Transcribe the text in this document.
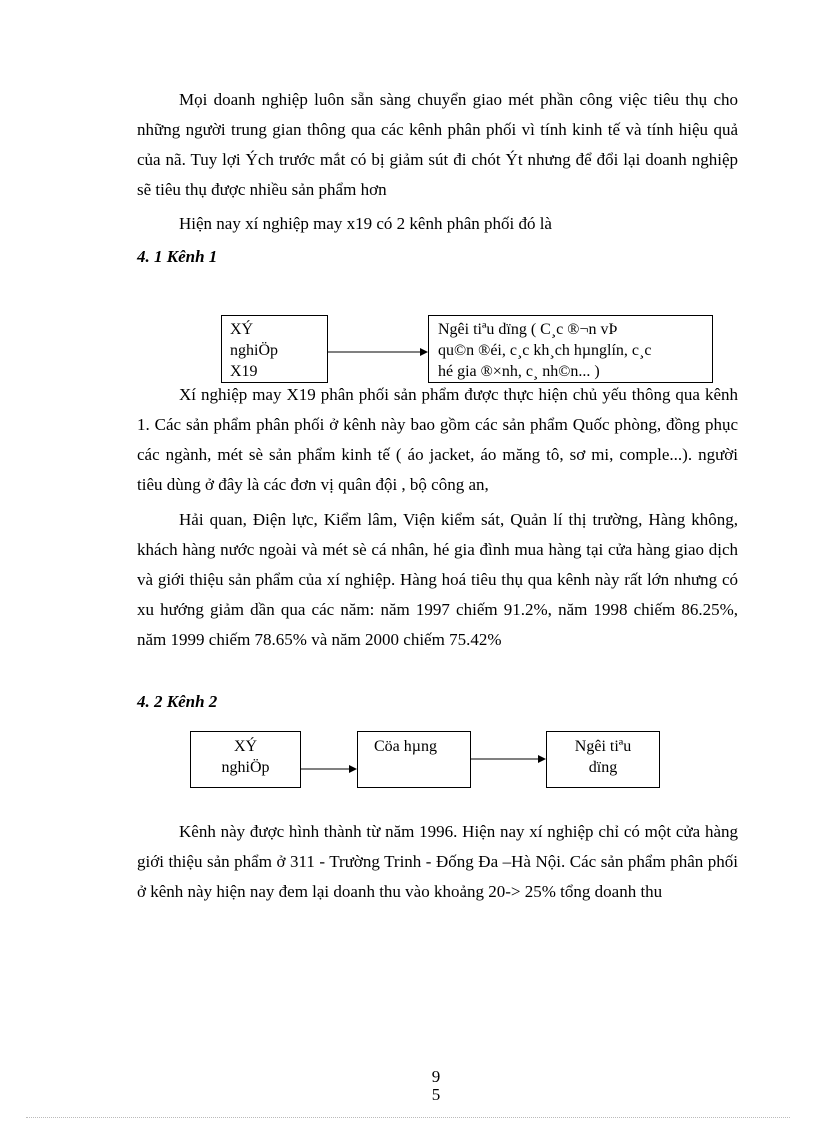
Mọi doanh nghiệp luôn sẵn sàng chuyển giao mét phần công việc tiêu thụ cho những người trung gian thông qua các kênh phân phối vì tính kinh tế và tính hiệu quả của nã. Tuy lợi Ých trước mắt có bị giảm sút đi chót Ýt nhưng để đổi lại doanh nghiệp sẽ tiêu thụ được nhiều sản phẩm hơn

Hiện nay xí nghiệp may x19 có 2 kênh phân phối đó là

4. 1 Kênh 1

Xí nghiệp may X19 phân phối sản phẩm được thực hiện chủ yếu thông qua kênh 1. Các sản phẩm phân phối ở kênh này bao gồm các sản phẩm Quốc phòng, đồng phục các ngành, mét sè sản phẩm kinh tế ( áo jacket, áo măng tô, sơ mi, comple...). người tiêu dùng ở đây là các đơn vị quân đội , bộ công an,

XÝ
nghiÖp
X19
Ngêi tiªu dïng ( C¸c ®¬n vÞ
qu©n ®éi, c¸c kh¸ch hµnglín, c¸c
hé gia ®×nh, c¸ nh©n... )

Hải quan, Điện lực, Kiểm lâm, Viện kiểm sát, Quản lí thị trường, Hàng không, khách hàng nước ngoài và mét sè cá nhân, hé gia đình mua hàng tại cửa hàng giao dịch và giới thiệu sản phẩm của xí nghiệp. Hàng hoá tiêu thụ qua kênh này rất lớn nhưng có xu hướng giảm dần qua các năm: năm 1997 chiếm 91.2%, năm 1998 chiếm 86.25%, năm 1999 chiếm 78.65% và năm 2000 chiếm 75.42%

4. 2 Kênh 2
XÝ
nghiÖp
Cöa hµng	Ngêi tiªu
dïng

Kênh này được hình thành từ năm 1996. Hiện nay xí nghiệp chỉ có một cửa hàng giới thiệu sản phẩm ở 311 - Trường Trinh - Đống Đa –Hà Nội. Các sản phẩm phân phối ở kênh này hiện nay đem lại doanh thu vào khoảng 20-> 25% tổng doanh thu

9
5
